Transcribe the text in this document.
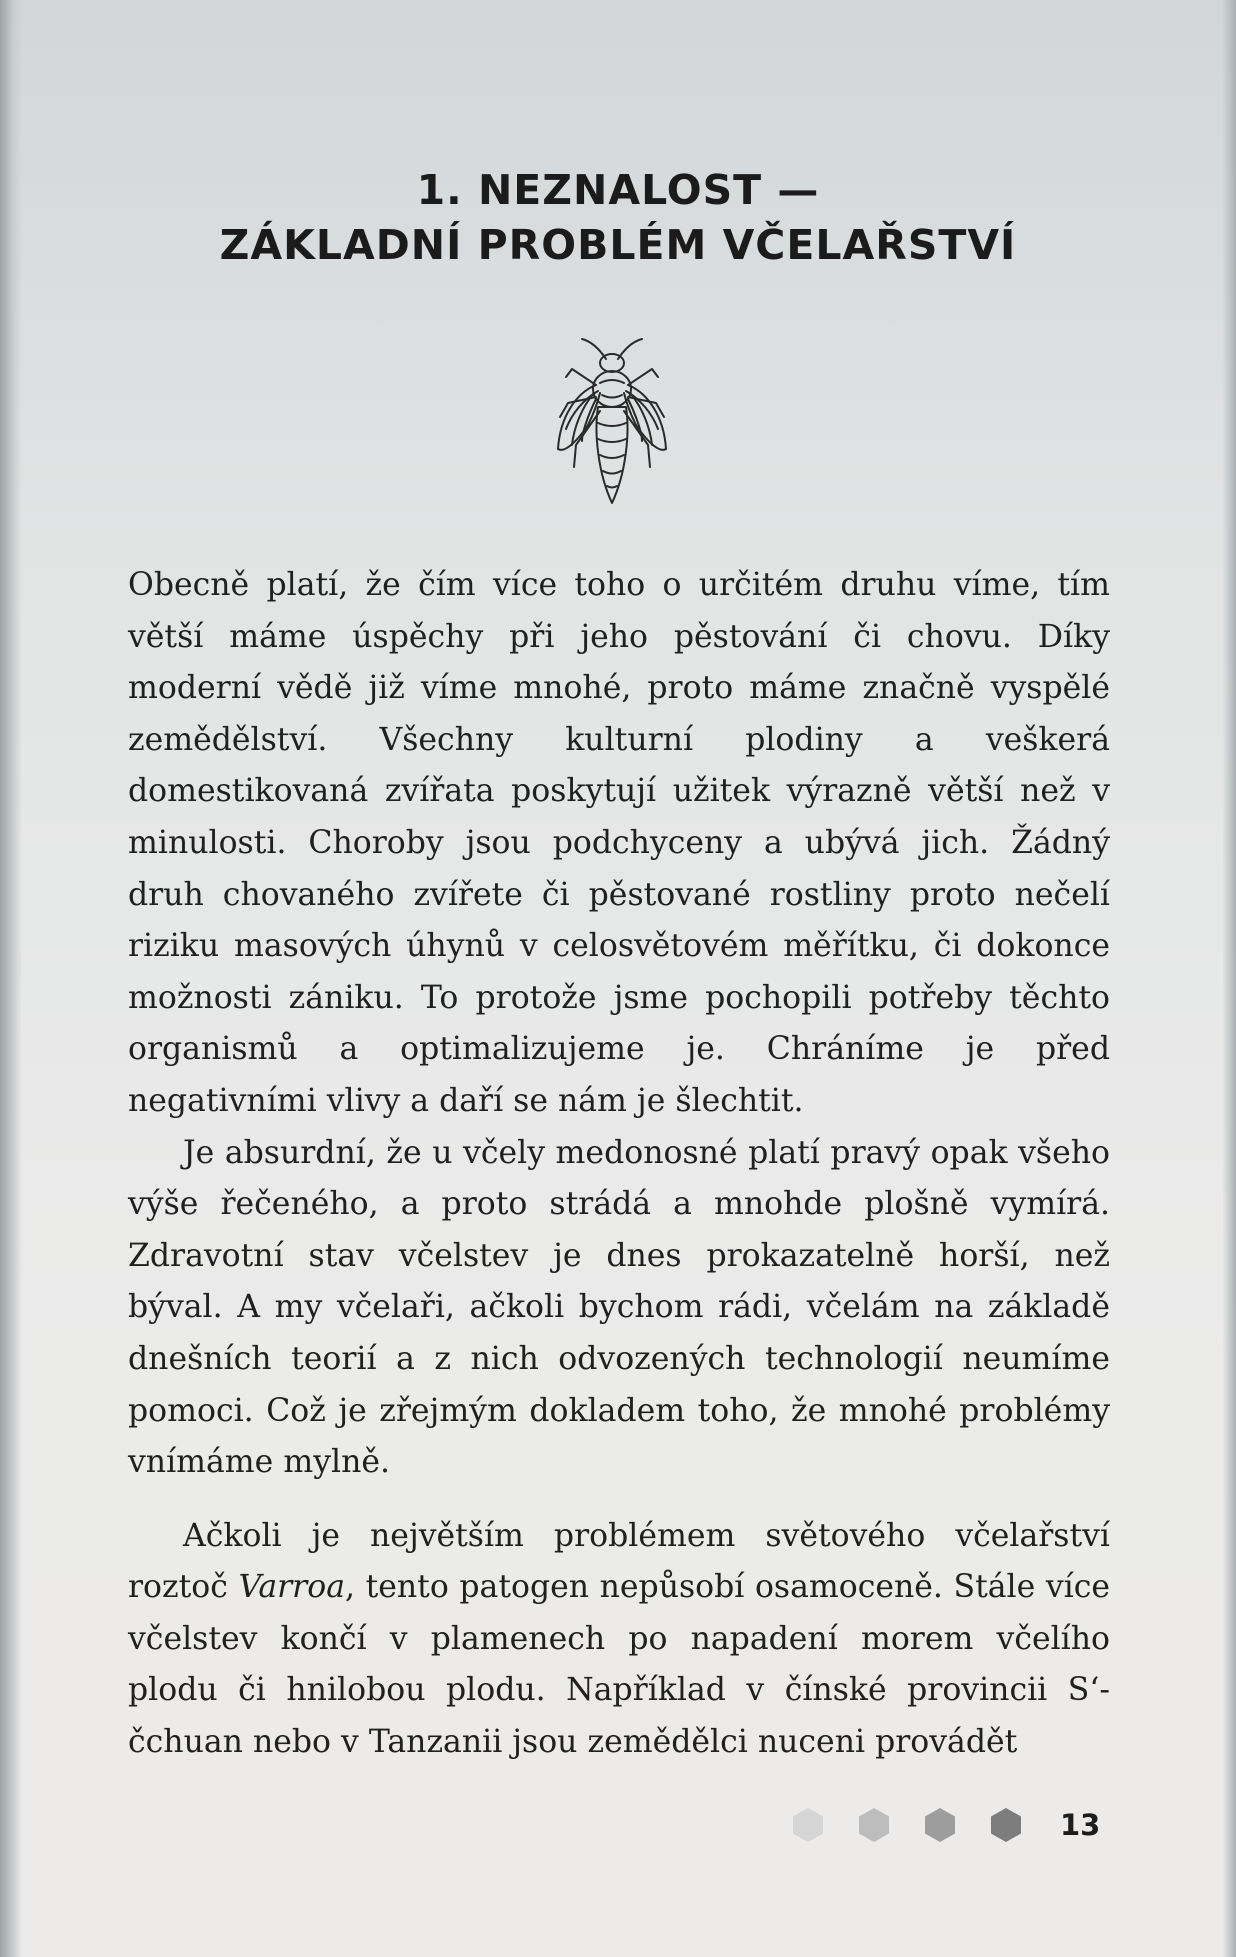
1. NEZNALOST —
ZÁKLADNÍ PROBLÉM VČELAŘSTVÍ

Obecně platí, že čím více toho o určitém druhu víme, tím větší máme úspěchy při jeho pěstování či chovu. Díky moderní vědě již víme mnohé, proto máme značně vyspělé zemědělství. Všechny kulturní plodiny a veškerá domestikovaná zvířata poskytují užitek výrazně větší než v minulosti. Choroby jsou podchyceny a ubývá jich. Žádný druh chovaného zvířete či pěstované rostliny proto nečelí riziku masových úhynů v celosvětovém měřítku, či dokonce možnosti zániku. To protože jsme pochopili potřeby těchto organismů a optimalizujeme je. Chráníme je před negativními vlivy a daří se nám je šlechtit.

Je absurdní, že u včely medonosné platí pravý opak všeho výše řečeného, a proto strádá a mnohde plošně vymírá. Zdravotní stav včelstev je dnes prokazatelně horší, než býval. A my včelaři, ačkoli bychom rádi, včelám na základě dnešních teorií a z nich odvozených technologií neumíme pomoci. Což je zřejmým dokladem toho, že mnohé problémy vnímáme mylně.

Ačkoli je největším problémem světového včelařství roztoč Varroa, tento patogen nepůsobí osamoceně. Stále více včelstev končí v plamenech po napadení morem včelího plodu či hnilobou plodu. Například v čínské provincii S‘-čchuan nebo v Tanzanii jsou zemědělci nuceni provádět

13
